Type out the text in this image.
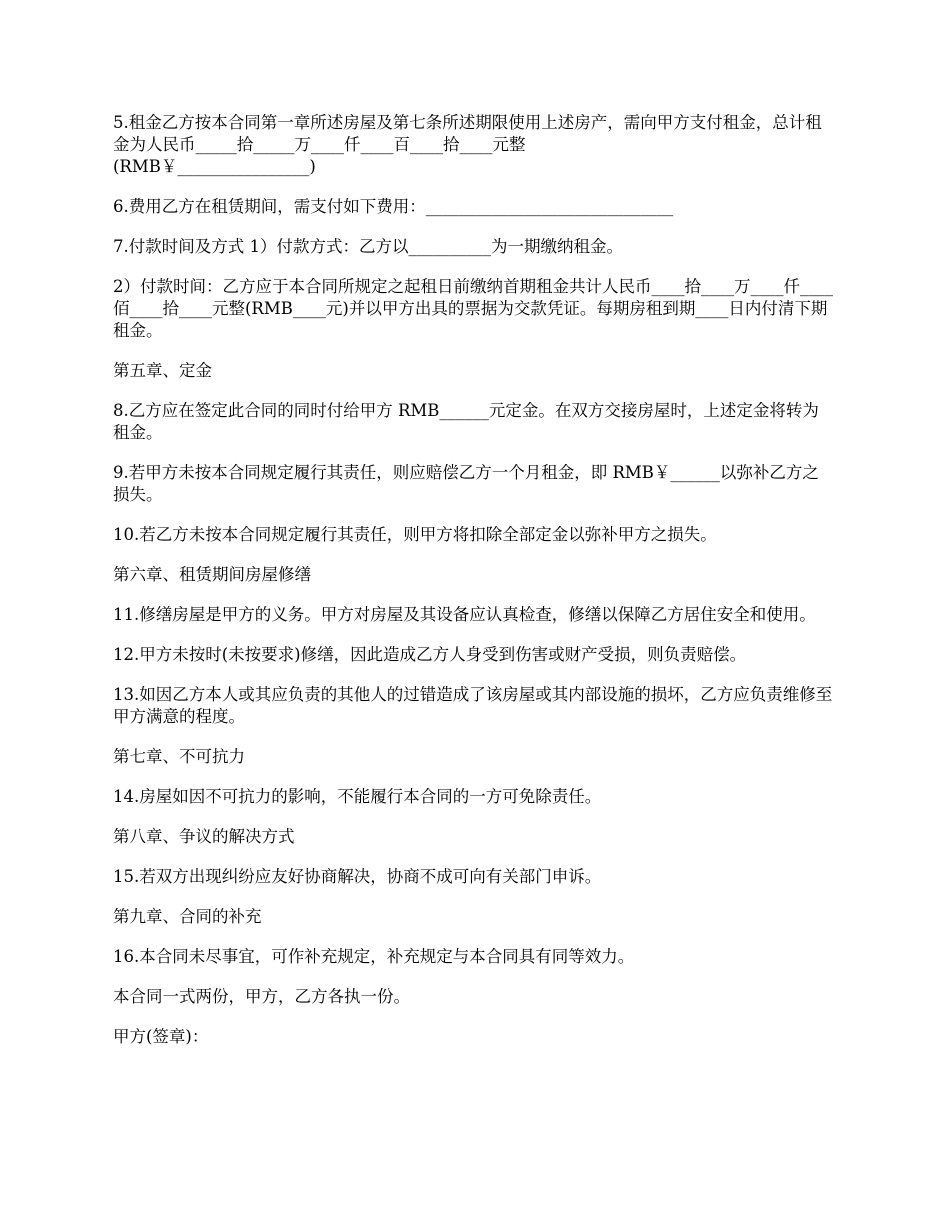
5.租金乙方按本合同第一章所述房屋及第七条所述期限使用上述房产，需向甲方支付租金，总计租金为人民币_____拾_____万____仟____百____拾____元整
(RMB￥________________)

6.费用乙方在租赁期间，需支付如下费用：______________________________

7.付款时间及方式 1）付款方式：乙方以__________为一期缴纳租金。

2）付款时间：乙方应于本合同所规定之起租日前缴纳首期租金共计人民币____拾____万____仟____佰____拾____元整(RMB____元)并以甲方出具的票据为交款凭证。每期房租到期____日内付清下期租金。

第五章、定金

8.乙方应在签定此合同的同时付给甲方 RMB______元定金。在双方交接房屋时，上述定金将转为租金。

9.若甲方未按本合同规定履行其责任，则应赔偿乙方一个月租金，即 RMB￥______以弥补乙方之损失。

10.若乙方未按本合同规定履行其责任，则甲方将扣除全部定金以弥补甲方之损失。

第六章、租赁期间房屋修缮

11.修缮房屋是甲方的义务。甲方对房屋及其设备应认真检查，修缮以保障乙方居住安全和使用。

12.甲方未按时(未按要求)修缮，因此造成乙方人身受到伤害或财产受损，则负责赔偿。

13.如因乙方本人或其应负责的其他人的过错造成了该房屋或其内部设施的损坏，乙方应负责维修至甲方满意的程度。

第七章、不可抗力

14.房屋如因不可抗力的影响，不能履行本合同的一方可免除责任。

第八章、争议的解决方式

15.若双方出现纠纷应友好协商解决，协商不成可向有关部门申诉。

第九章、合同的补充

16.本合同未尽事宜，可作补充规定，补充规定与本合同具有同等效力。

本合同一式两份，甲方，乙方各执一份。

甲方(签章)：
